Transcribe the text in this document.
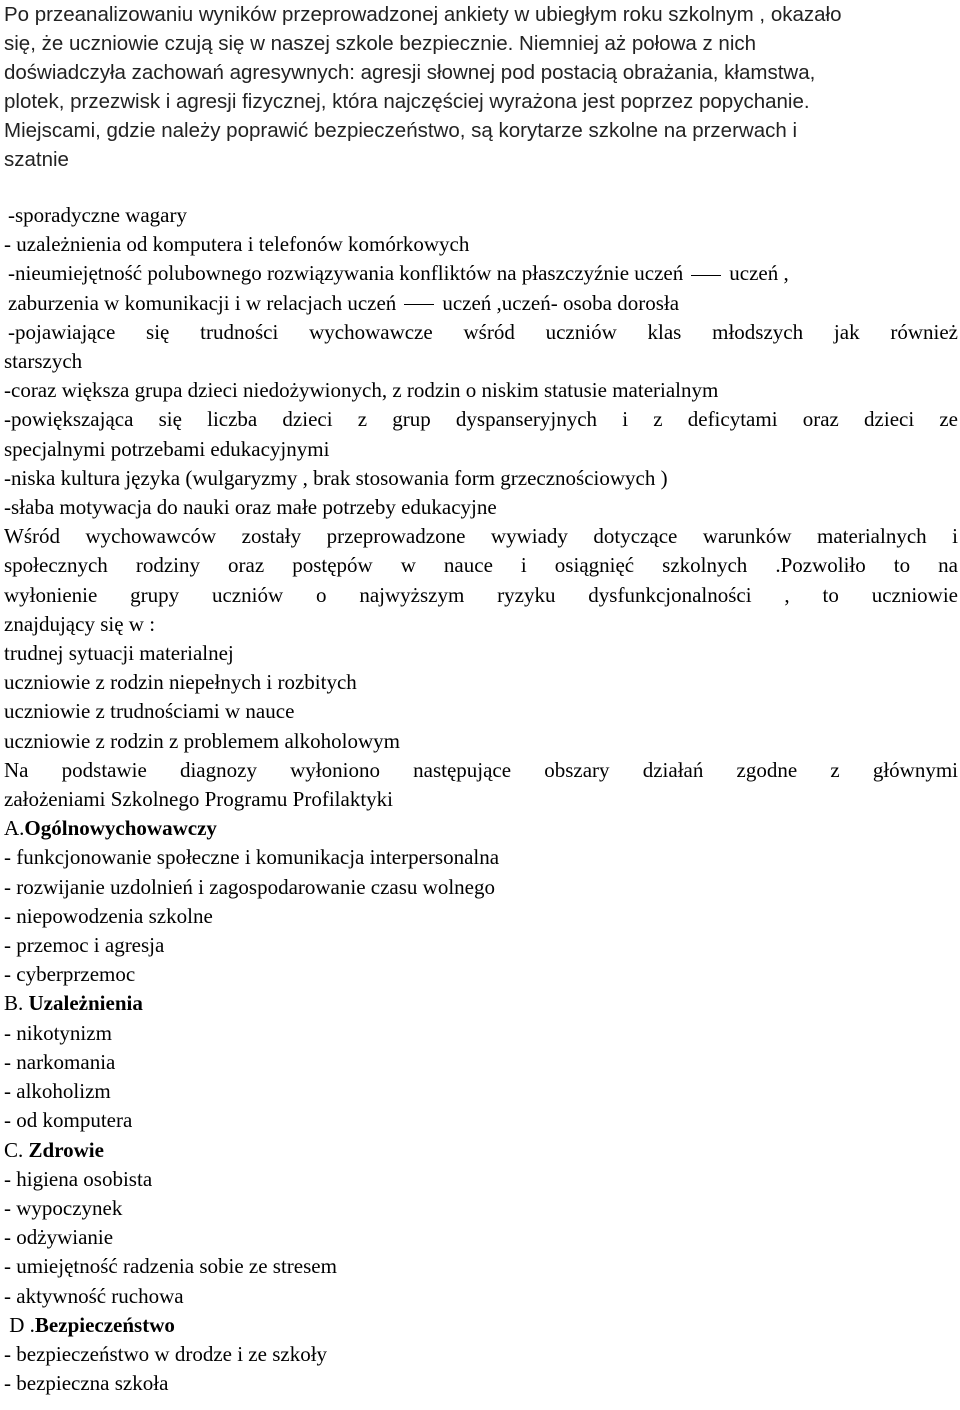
Po przeanalizowaniu wyników przeprowadzonej ankiety w ubiegłym roku szkolnym , okazało
się, że uczniowie czują się w naszej szkole bezpiecznie. Niemniej aż połowa z nich
doświadczyła zachowań agresywnych: agresji słownej pod postacią obrażania, kłamstwa,
plotek, przezwisk i agresji fizycznej, która najczęściej wyrażona jest poprzez popychanie.
Miejscami, gdzie należy poprawić bezpieczeństwo, są korytarze szkolne na przerwach i
szatnie
-sporadyczne wagary
- uzależnienia od komputera i telefonów komórkowych
-nieumiejętność polubownego rozwiązywania konfliktów na płaszczyźnie uczeń uczeń ,
zaburzenia w komunikacji i w relacjach uczeń uczeń ,uczeń- osoba dorosła
-pojawiające się trudności wychowawcze wśród uczniów klas młodszych jak również
starszych
-coraz większa grupa dzieci niedożywionych, z rodzin o niskim statusie materialnym
-powiększająca się liczba dzieci z grup dyspanseryjnych i z deficytami oraz dzieci ze
specjalnymi potrzebami edukacyjnymi
-niska kultura języka (wulgaryzmy , brak stosowania form grzecznościowych )
-słaba motywacja do nauki oraz małe potrzeby edukacyjne
Wśród wychowawców zostały przeprowadzone wywiady dotyczące warunków materialnych i
społecznych rodziny oraz postępów w nauce i osiągnięć szkolnych .Pozwoliło to na
wyłonienie grupy uczniów o najwyższym ryzyku dysfunkcjonalności , to uczniowie
znajdujący się w :
trudnej sytuacji materialnej
uczniowie z rodzin niepełnych i rozbitych
uczniowie z trudnościami w nauce
uczniowie z rodzin z problemem alkoholowym
Na podstawie diagnozy wyłoniono następujące obszary działań zgodne z głównymi
założeniami Szkolnego Programu Profilaktyki
A.Ogólnowychowawczy
- funkcjonowanie społeczne i komunikacja interpersonalna
- rozwijanie uzdolnień i zagospodarowanie czasu wolnego
- niepowodzenia szkolne
- przemoc i agresja
- cyberprzemoc
B. Uzależnienia
- nikotynizm
- narkomania
- alkoholizm
- od komputera
C. Zdrowie
- higiena osobista
- wypoczynek
- odżywianie
- umiejętność radzenia sobie ze stresem
- aktywność ruchowa
D .Bezpieczeństwo
- bezpieczeństwo w drodze i ze szkoły
- bezpieczna szkoła
